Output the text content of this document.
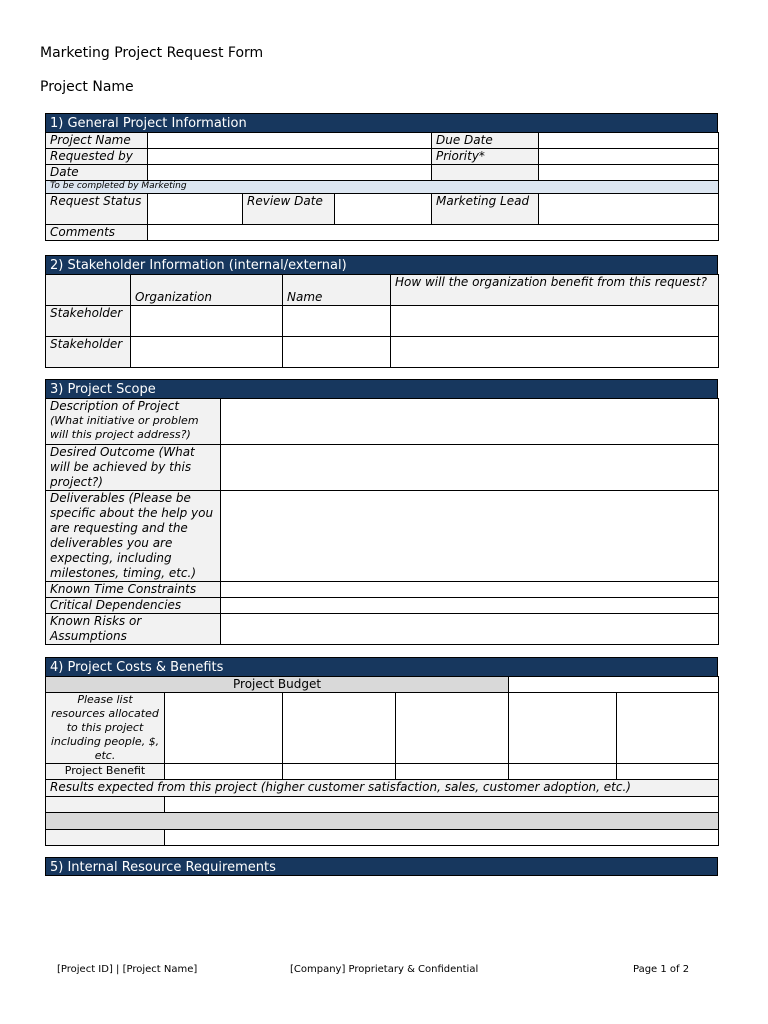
Marketing Project Request Form
Project Name
1) General Project Information
Project Name				Due Date	
Requested by				Priority*	
Date					
To be completed by Marketing					
Request Status		Review Date		Marketing Lead	
Comments					
2) Stakeholder Information (internal/external)
	Organization	Name	How will the organization benefit from this request?
Stakeholder			
Stakeholder			
3) Project Scope
Description of Project
(What initiative or problem will this project address?)	

Desired Outcome (What will be achieved by this project?)	
Deliverables (Please be specific about the help you are requesting and the deliverables you are expecting, including milestones, timing, etc.)	
Known Time Constraints	
Critical Dependencies	
Known Risks or Assumptions	
4) Project Costs & Benefits
Project Budget					
Please list resources allocated to this project including people, $, etc.					
Project Benefit					
Results expected from this project (higher customer satisfaction, sales, customer adoption, etc.)					

5) Internal Resource Requirements
[Project ID] | [Project Name]	[Company] Proprietary & Confidential	Page 1 of 2
